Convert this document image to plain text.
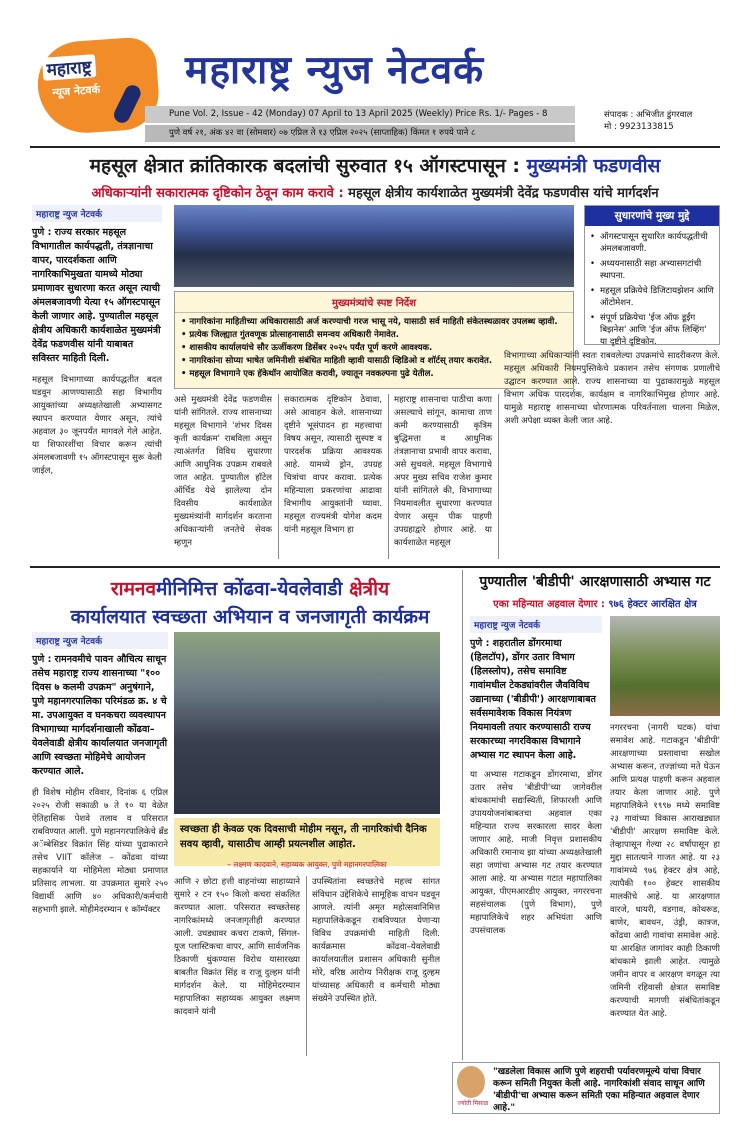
महाराष्ट्र
न्यूज नेटवर्क महाराष्ट्र न्युज नेटवर्क
Pune Vol. 2, Issue - 42 (Monday) 07 April to 13 April 2025 (Weekly) Price Rs. 1/- Pages - 8
पुणे वर्ष २१, अंक ४२ वा (सोमवार) ०७ एप्रिल ते १३ एप्रिल २०२५ (साप्ताहिक) किंमत १ रुपये पाने ८
संपादक : अभिजीत डुंगरवाल
मो : 9923133815
महसूल क्षेत्रात क्रांतिकारक बदलांची सुरुवात १५ ऑगस्टपासून : मुख्यमंत्री फडणवीस
अधिकाऱ्यांनी सकारात्मक दृष्टिकोन ठेवून काम करावे : महसूल क्षेत्रीय कार्यशाळेत मुख्यमंत्री देवेंद्र फडणवीस यांचे मार्गदर्शन
महाराष्ट्र न्युज नेटवर्क
पुणे : राज्य सरकार महसूल विभागातील कार्यपद्धती, तंत्रज्ञानाचा वापर, पारदर्शकता आणि नागरिकाभिमुखता यामध्ये मोठ्या प्रमाणावर सुधारणा करत असून त्याची अंमलबजावणी येत्या १५ ऑगस्टपासून केली जाणार आहे. पुण्यातील महसूल क्षेत्रीय अधिकारी कार्यशाळेत मुख्यमंत्री देवेंद्र फडणवीस यांनी याबाबत सविस्तर माहिती दिली.
महसूल विभागाच्या कार्यपद्धतीत बदल घडवून आणण्यासाठी सहा विभागीय आयुक्तांच्या अध्यक्षतेखाली अभ्यासगट स्थापन करण्यात येणार असून, त्यांचे अहवाल ३० जूनपर्यंत मागवले गेले आहेत. या शिफारशींचा विचार करून त्यांची अंमलबजावणी १५ ऑगस्टपासून सुरू केली जाईल,
मुख्यमंत्र्यांचे स्पष्ट निर्देश
• नागरिकांना माहितीच्या अधिकारासाठी अर्ज करण्याची गरज भासू नये, यासाठी सर्व माहिती संकेतस्थळावर उपलब्ध व्हावी.
• प्रत्येक जिल्ह्यात गुंतवणूक प्रोत्साहनासाठी समन्वय अधिकारी नेमावेत.
• शासकीय कार्यालयांचे सौर ऊर्जीकरण डिसेंबर २०२५ पर्यंत पूर्ण करणे आवश्यक.
• नागरिकांना सोप्या भाषेत जमिनीशी संबंधित माहिती व्हावी यासाठी व्हिडिओ व शॉर्टस् तयार करावेत.
• महसूल विभागाने एक हॅकेथॉन आयोजित करावी, ज्यातून नवकल्पना पुढे येतील.
सुधारणांचे मुख्य मुद्दे
• ऑगस्टपासून सुधारित कार्यपद्धतीची अंमलबजावणी.
• अध्ययनासाठी सहा अभ्यासगटांची स्थापना.
• महसूल प्रक्रियेचे डिजिटायझेशन आणि ऑटोमेशन.
• संपूर्ण प्रक्रियेचा 'ईज ऑफ डूईंग बिझनेस' आणि 'ईज ऑफ लिव्हिंग' या दृष्टीने दृष्टिकोन.
असे मुख्यमंत्री देवेंद्र फडणवीस यांनी सांगितले. राज्य शासनाच्या महसूल विभागाने 'शंभर दिवस कृती कार्यक्रम' राबविला असून त्याअंतर्गत विविध सुधारणा आणि आधुनिक उपक्रम राबवले जात आहेत. पुण्यातील हॉटेल ऑर्चिड येथे झालेल्या दोन दिवसीय कार्यशाळेत मुख्यमंत्र्यांनी मार्गदर्शन करताना अधिकाऱ्यांनी जनतेचे सेवक म्हणून
सकारात्मक दृष्टिकोन ठेवावा, असे आवाहन केले. शासनाच्या दृष्टीने भूसंपादन हा महत्त्वाचा विषय असून, त्यासाठी सुस्पष्ट व पारदर्शक प्रक्रिया आवश्यक आहे. यामध्ये ड्रोन, उपग्रह चित्रांचा वापर करावा. प्रत्येक महिन्याला प्रकरणांचा आढावा विभागीय आयुक्तांनी घ्यावा. महसूल राज्यमंत्री योगेश कदम यांनी महसूल विभाग हा
महाराष्ट्र शासनाचा पाठीचा कणा असल्याचे सांगून, कामाचा ताण कमी करण्यासाठी कृत्रिम बुद्धिमत्ता व आधुनिक तंत्रज्ञानाचा प्रभावी वापर करावा, असे सुचवले. महसूल विभागाचे अपर मुख्य सचिव राजेश कुमार यांनी सांगितले की, विभागाच्या नियमावलीत सुधारणा करण्यात येणार असून पीक पाहणी उपग्रहाद्वारे होणार आहे. या कार्यशाळेत महसूल
विभागाच्या अधिकाऱ्यांनी स्वतः राबवलेल्या उपक्रमांचे सादरीकरण केले. महसूल अधिकारी नियमपुस्तिकेचे प्रकाशन तसेच संगणक प्रणालीचे उद्घाटन करण्यात आले. राज्य शासनाच्या या पुढाकारामुळे महसूल विभाग अधिक पारदर्शक, कार्यक्षम व नागरिकाभिमुख होणार आहे. यामुळे महाराष्ट्र शासनाच्या धोरणात्मक परिवर्तनाला चालना मिळेल, अशी अपेक्षा व्यक्त केली जात आहे.
रामनवमीनिमित्त कोंढवा-येवलेवाडी क्षेत्रीय
कार्यालयात स्वच्छता अभियान व जनजागृती कार्यक्रम
महाराष्ट्र न्युज नेटवर्क
पुणे : रामनवमीचे पावन औचित्य साधून तसेच महाराष्ट्र राज्य शासनाच्या "१०० दिवस ७ कलमी उपक्रम" अनुषंगाने, पुणे महानगरपालिका परिमंडळ क्र. ४ चे मा. उपआयुक्त व घनकचरा व्यवस्थापन विभागाच्या मार्गदर्शनाखाली कोंढवा–येवलेवाडी क्षेत्रीय कार्यालयात जनजागृती आणि स्वच्छता मोहिमेचे आयोजन करण्यात आले.
ही विशेष मोहीम रविवार, दिनांक ६ एप्रिल २०२५ रोजी सकाळी ७ ते १० या वेळेत ऐतिहासिक पेशवे तलाव व परिसरात राबविण्यात आली. पुणे महानगरपालिकेचे ब्रँड अॅम्बेसिडर विक्रांत सिंह यांच्या पुढाकाराने तसेच VIIT कॉलेज – कोंढवा यांच्या सहकार्याने या मोहिमेला मोठ्या प्रमाणात प्रतिसाद लाभला. या उपक्रमात सुमारे २५० विद्यार्थी आणि ४० अधिकारी/कर्मचारी सहभागी झाले. मोहीमेदरम्यान १ कॉम्पॅक्टर
स्वच्छता ही केवळ एक दिवसाची मोहीम नसून, ती नागरिकांची दैनिक सवय व्हावी, यासाठीच आम्ही प्रयत्नशील आहोत.
– लक्ष्मण कादवाने, सहाय्यक आयुक्त, पुणे महानगरपालिका
आणि २ छोटा हत्ती वाहनांच्या साहाय्याने सुमारे २ टन १५० किलो कचरा संकलित करण्यात आला. परिसरात स्वच्छतेसह नागरिकांमध्ये जनजागृतीही करण्यात आली. उघड्यावर कचरा टाकणे, सिंगल-यूज प्लास्टिकचा वापर, आणि सार्वजनिक ठिकाणी थुंकण्यास विरोध यासारख्या बाबतीत विक्रांत सिंह व राजू दुल्हम यांनी मार्गदर्शन केले. या मोहिमेदरम्यान महापालिका सहाय्यक आयुक्त लक्ष्मण कादवाने यांनी
उपस्थितांना स्वच्छतेचे महत्त्व सांगत संविधान उद्देशिकेचे सामूहिक वाचन घडवून आणले. त्यांनी अमृत महोत्सवानिमित्त महापालिकेकडून राबविण्यात येणाऱ्या विविध उपक्रमांची माहिती दिली. कार्यक्रमास कोंढवा–येवलेवाडी कार्यालयातील प्रशासन अधिकारी सुनील मोरे, वरिष्ठ आरोग्य निरीक्षक राजू दुल्हम यांच्यासह अधिकारी व कर्मचारी मोठ्या संख्येने उपस्थित होते.
पुण्यातील 'बीडीपी' आरक्षणासाठी अभ्यास गट
एका महिन्यात अहवाल देणार : ९७६ हेक्टर आरक्षित क्षेत्र
महाराष्ट्र न्युज नेटवर्क
पुणे : शहरातील डोंगरमाथा (हिलटॉप), डोंगर उतार विभाग (हिलस्लोप), तसेच समाविष्ट गावांमधील टेकड्यांवरील जैवविविध उद्यानाच्या ('बीडीपी') आरक्षणाबाबत सर्वसमावेशक विकास नियंत्रण नियमावली तयार करण्यासाठी राज्य सरकारच्या नगरविकास विभागाने अभ्यास गट स्थापन केला आहे.
या अभ्यास गटाकडून डोंगरमाथा, डोंगर उतार तसेच 'बीडीपी'च्या जागेवरील बांधकामांची सद्यःस्थिती, शिफारशी आणि उपाययोजनांबाबतचा अहवाल एका महिन्यात राज्य सरकारला सादर केला जाणार आहे. माजी निवृत्त प्रशासकीय अधिकारी रमानाथ झा यांच्या अध्यक्षतेखाली सहा जणांचा अभ्यास गट तयार करण्यात आला आहे. या अभ्यास गटात महापालिका आयुक्त, पीएमआरडीए आयुक्त, नगररचना सहसंचालक (पुणे विभाग), पुणे महापालिकेचे शहर अभियंता आणि उपसंचालक
नगररचना (नागरी घटक) यांचा समावेश आहे. गटाकडून 'बीडीपी' आरक्षणाच्या प्रस्तावाचा सखोल अभ्यास करून, तज्ज्ञांच्या मते घेऊन आणि प्रत्यक्ष पाहणी करून अहवाल तयार केला जाणार आहे. पुणे महापालिकेने १९९७ मध्ये समाविष्ट २३ गावांच्या विकास आराखड्यात 'बीडीपी' आरक्षण समाविष्ट केले. तेव्हापासून गेल्या २८ वर्षांपासून हा मुद्दा सातत्याने गाजत आहे. या २३ गावांमध्ये ९७६ हेक्टर क्षेत्र आहे, त्यापैकी १०० हेक्टर शासकीय मालकीचे आहे. या आरक्षणात वारजे, धायरी, वडगाव, कोथरूड, बाणेर, बावधन, उंड्री, कात्रज, कोंढवा आदी गावांचा समावेश आहे. या आरक्षित जागांवर काही ठिकाणी बांधकामे झाली आहेत. त्यामुळे जमीन वापर व आरक्षण वगळून त्या जमिनी रहिवासी क्षेत्रात समाविष्ट करण्याची मागणी संबंधितांकडून करण्यात येत आहे.
ज्योती मिसाळ
"खडलेला विकास आणि पुणे शहराची पर्यावरणमूल्ये यांचा विचार करून समिती नियुक्त केली आहे. नागरिकांशी संवाद साधून आणि 'बीडीपी'चा अभ्यास करून समिती एका महिन्यात अहवाल देणार आहे."
